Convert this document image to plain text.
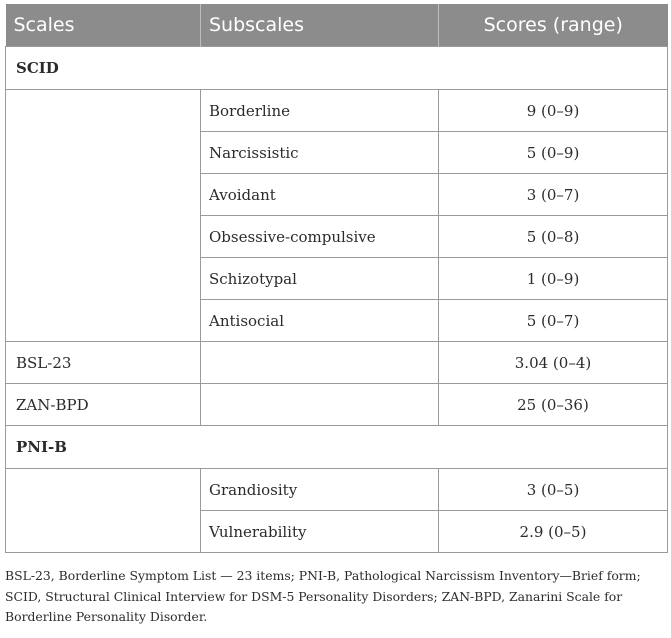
Scales	Subscales	Scores (range)
SCID		
	Borderline	9 (0–9)
	Narcissistic	5 (0–9)
	Avoidant	3 (0–7)
	Obsessive-compulsive	5 (0–8)
	Schizotypal	1 (0–9)
	Antisocial	5 (0–7)
BSL-23		3.04 (0–4)
ZAN-BPD		25 (0–36)
PNI-B		
	Grandiosity	3 (0–5)
	Vulnerability	2.9 (0–5)

BSL-23, Borderline Symptom List — 23 items; PNI-B, Pathological Narcissism Inventory—Brief form; SCID, Structural Clinical Interview for DSM-5 Personality Disorders; ZAN-BPD, Zanarini Scale for Borderline Personality Disorder.
